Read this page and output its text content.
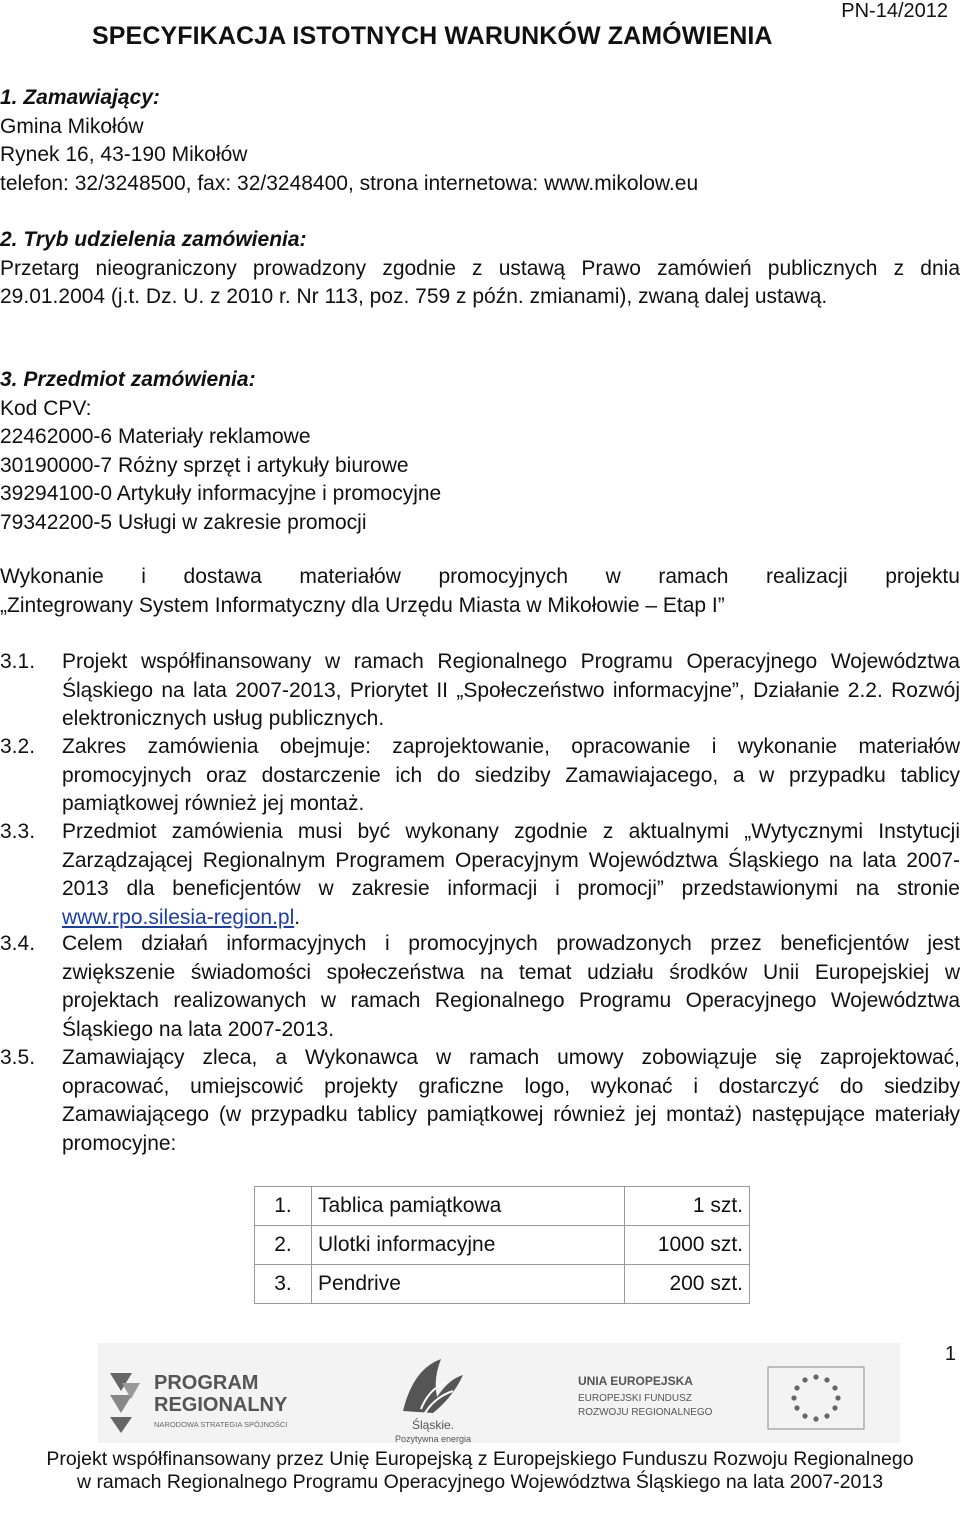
PN-14/2012
SPECYFIKACJA ISTOTNYCH WARUNKÓW ZAMÓWIENIA
1. Zamawiający:
Gmina Mikołów
Rynek 16, 43-190 Mikołów
telefon: 32/3248500, fax: 32/3248400, strona internetowa: www.mikolow.eu
2. Tryb udzielenia zamówienia:
Przetarg nieograniczony prowadzony zgodnie z ustawą Prawo zamówień publicznych z dnia 29.01.2004 (j.t. Dz. U. z 2010 r. Nr 113, poz. 759 z późn. zmianami), zwaną dalej ustawą.
3. Przedmiot zamówienia:
Kod CPV:
22462000-6 Materiały reklamowe
30190000-7 Różny sprzęt i artykuły biurowe
39294100-0 Artykuły informacyjne i promocyjne
79342200-5 Usługi w zakresie promocji
Wykonanie i dostawa materiałów promocyjnych w ramach realizacji projektu
„Zintegrowany System Informatyczny dla Urzędu Miasta w Mikołowie – Etap I”
3.1. Projekt współfinansowany w ramach Regionalnego Programu Operacyjnego Województwa Śląskiego na lata 2007-2013, Priorytet II „Społeczeństwo informacyjne”, Działanie 2.2. Rozwój elektronicznych usług publicznych.
3.2. Zakres zamówienia obejmuje: zaprojektowanie, opracowanie i wykonanie materiałów promocyjnych oraz dostarczenie ich do siedziby Zamawiajacego, a w przypadku tablicy pamiątkowej również jej montaż.
3.3. Przedmiot zamówienia musi być wykonany zgodnie z aktualnymi „Wytycznymi Instytucji Zarządzającej Regionalnym Programem Operacyjnym Województwa Śląskiego na lata 2007-2013 dla beneficjentów w zakresie informacji i promocji” przedstawionymi na stronie www.rpo.silesia-region.pl.
3.4. Celem działań informacyjnych i promocyjnych prowadzonych przez beneficjentów jest zwiększenie świadomości społeczeństwa na temat udziału środków Unii Europejskiej w projektach realizowanych w ramach Regionalnego Programu Operacyjnego Województwa Śląskiego na lata 2007-2013.
3.5. Zamawiający zleca, a Wykonawca w ramach umowy zobowiązuje się zaprojektować, opracować, umiejscowić projekty graficzne logo, wykonać i dostarczyć do siedziby Zamawiającego (w przypadku tablicy pamiątkowej również jej montaż) następujące materiały promocyjne:
1.	Tablica pamiątkowa	1 szt.
2.	Ulotki informacyjne	1000 szt.
3.	Pendrive	200 szt.
1
PROGRAM
REGIONALNY
NARODOWA STRATEGIA SPÓJNOŚCI	Śląskie.
Pozytywna energia
UNIA EUROPEJSKA
EUROPEJSKI FUNDUSZ
ROZWOJU REGIONALNEGO
Projekt współfinansowany przez Unię Europejską z Europejskiego Funduszu Rozwoju Regionalnego
w ramach Regionalnego Programu Operacyjnego Województwa Śląskiego na lata 2007-2013
